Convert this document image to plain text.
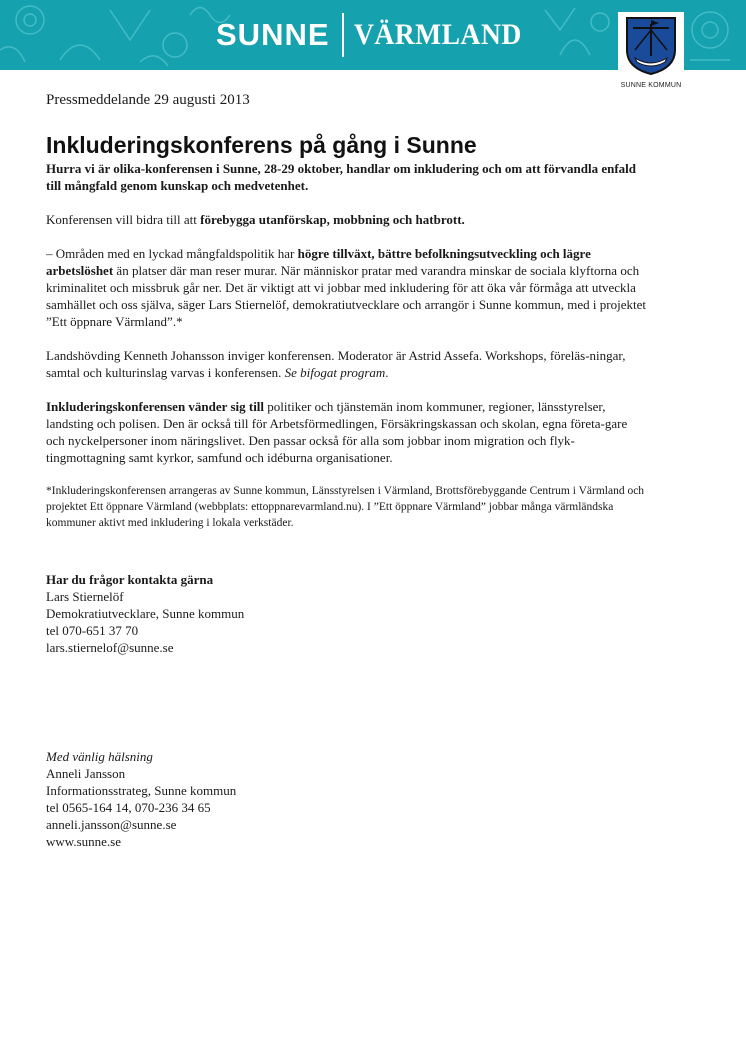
SUNNE VÄRMLAND
SUNNE KOMMUN
Pressmeddelande 29 augusti 2013
Inkluderingskonferens på gång i Sunne

Hurra vi är olika-konferensen i Sunne, 28-29 oktober, handlar om inkludering och om att förvandla enfald till mångfald genom kunskap och medvetenhet.

Konferensen vill bidra till att förebygga utanförskap, mobbning och hatbrott.

– Områden med en lyckad mångfaldspolitik har högre tillväxt, bättre befolkningsutveckling och lägre arbetslöshet än platser där man reser murar. När människor pratar med varandra minskar de sociala klyftorna och kriminalitet och missbruk går ner. Det är viktigt att vi jobbar med inkludering för att öka vår förmåga att utveckla samhället och oss själva, säger Lars Stiernelöf, demokratiutvecklare och arrangör i Sunne kommun, med i projektet ”Ett öppnare Värmland”.*

Landshövding Kenneth Johansson inviger konferensen. Moderator är Astrid Assefa. Workshops, föreläs-ningar, samtal och kulturinslag varvas i konferensen. Se bifogat program.

Inkluderingskonferensen vänder sig till politiker och tjänstemän inom kommuner, regioner, länsstyrelser, landsting och polisen. Den är också till för Arbetsförmedlingen, Försäkringskassan och skolan, egna företa-gare och nyckelpersoner inom näringslivet. Den passar också för alla som jobbar inom migration och flyk-tingmottagning samt kyrkor, samfund och idéburna organisationer.

*Inkluderingskonferensen arrangeras av Sunne kommun, Länsstyrelsen i Värmland, Brottsförebyggande Centrum i Värmland och projektet Ett öppnare Värmland (webbplats: ettoppnarevarmland.nu). I ”Ett öppnare Värmland” jobbar många värmländska kommuner aktivt med inkludering i lokala verkstäder.

Har du frågor kontakta gärna
Lars Stiernelöf
Demokratiutvecklare, Sunne kommun
tel 070-651 37 70
lars.stiernelof@sunne.se
Med vänlig hälsning
Anneli Jansson
Informationsstrateg, Sunne kommun
tel 0565-164 14, 070-236 34 65
anneli.jansson@sunne.se
www.sunne.se
